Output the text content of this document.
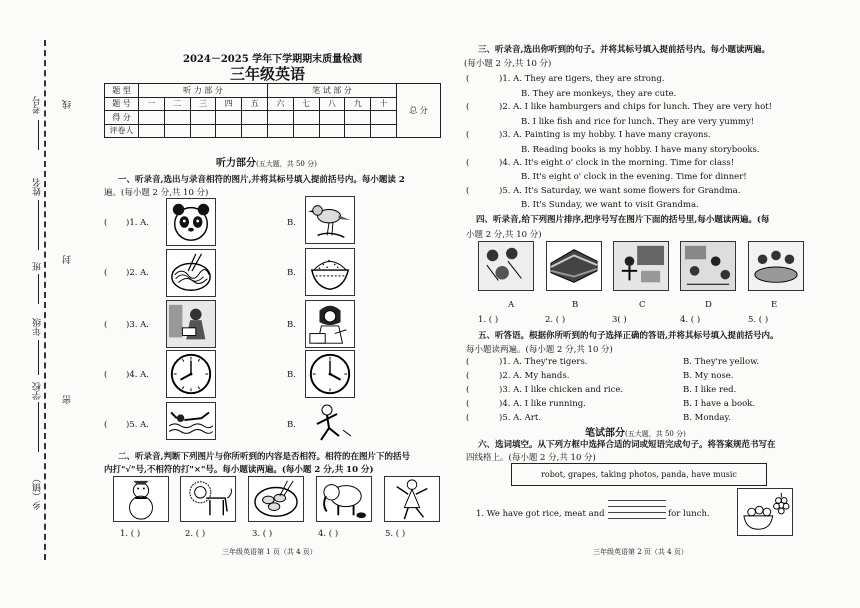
考号
姓名
班
年级
学校
乡（镇）
线
封
密
2024－2025 学年下学期期末质量检测
三年级英语
题 型	听 力 部 分					笔 试 部 分					总 分
题 号	一	二	三	四	五	六	七	八	九	十	
得 分											
评卷人											
听力部分(五大题，共 50 分)
一、听录音,选出与录音相符的图片,并将其标号填入提前括号内。每小题读 2
遍。(每小题 2 分,共 10 分)
( )1. A.	B.
( )2. A.	B.
( )3. A.	B.
( )4. A.	B.
( )5. A.	B.
二、听录音,判断下列图片与你所听到的内容是否相符。相符的在图片下的括号
内打"√"号,不相符的打"×"号。每小题读两遍。(每小题 2 分,共 10 分)
1. ( )	2. ( )	3. ( )	4. ( )	5. ( )
三年级英语第 1 页（共 4 页）
三、听录音,选出你听到的句子。并将其标号填入提前括号内。每小题读两遍。
(每小题 2 分,共 10 分)
(	)1. A. They are tigers, they are strong.
B. They are monkeys, they are cute.
(	)2. A. I like hamburgers and chips for lunch. They are very hot!
B. I like fish and rice for lunch. They are very yummy!
(	)3. A. Painting is my hobby. I have many crayons.
B. Reading books is my hobby. I have many storybooks.
(	)4. A. It's eight o' clock in the morning. Time for class!
B. It's eight o' clock in the evening. Time for dinner!
(	)5. A. It's Saturday, we want some flowers for Grandma.
B. It's Sunday, we want to visit Grandma.
四、听录音,给下列图片排序,把序号写在图片下面的括号里,每小题读两遍。(每
小题 2 分,共 10 分)
A	B	C	D	E
1. ( )	2. ( )	3( )	4. ( )	5. ( )
五、听答语。根据你所听到的句子选择正确的答语,并将其标号填入提前括号内。
每小题读两遍。(每小题 2 分,共 10 分)
(	)1. A. They're tigers.	B. They're yellow.
(	)2. A. My hands.	B. My nose.
(	)3. A. I like chicken and rice.	B. I like red.
(	)4. A. I like running.	B. I have a book.
(	)5. A. Art.	B. Monday.
笔试部分(五大题，共 50 分)
六、选词填空。从下列方框中选择合适的词或短语完成句子。将答案规范书写在
四线格上。(每小题 2 分,共 10 分)
robot, grapes, taking photos, panda, have music
1. We have got rice, meat and	for lunch.
三年级英语第 2 页（共 4 页）
